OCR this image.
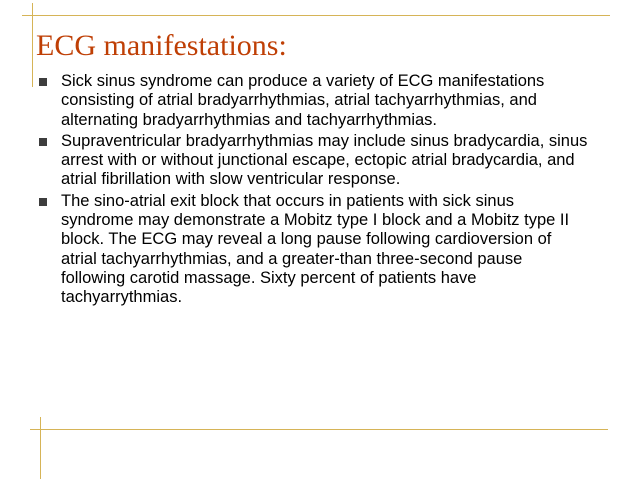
ECG manifestations:
Sick sinus syndrome can produce a variety of ECG manifestations consisting of atrial bradyarrhythmias, atrial tachyarrhythmias, and alternating bradyarrhythmias and tachyarrhythmias.
Supraventricular bradyarrhythmias may include sinus bradycardia, sinus arrest with or without junctional escape, ectopic atrial bradycardia, and atrial fibrillation with slow ventricular response.
The sino-atrial exit block that occurs in patients with sick sinus syndrome may demonstrate a Mobitz type I block and a Mobitz type II block. The ECG may reveal a long pause following cardioversion of atrial tachyarrhythmias, and a greater-than three-second pause following carotid massage. Sixty percent of patients have tachyarrythmias.
